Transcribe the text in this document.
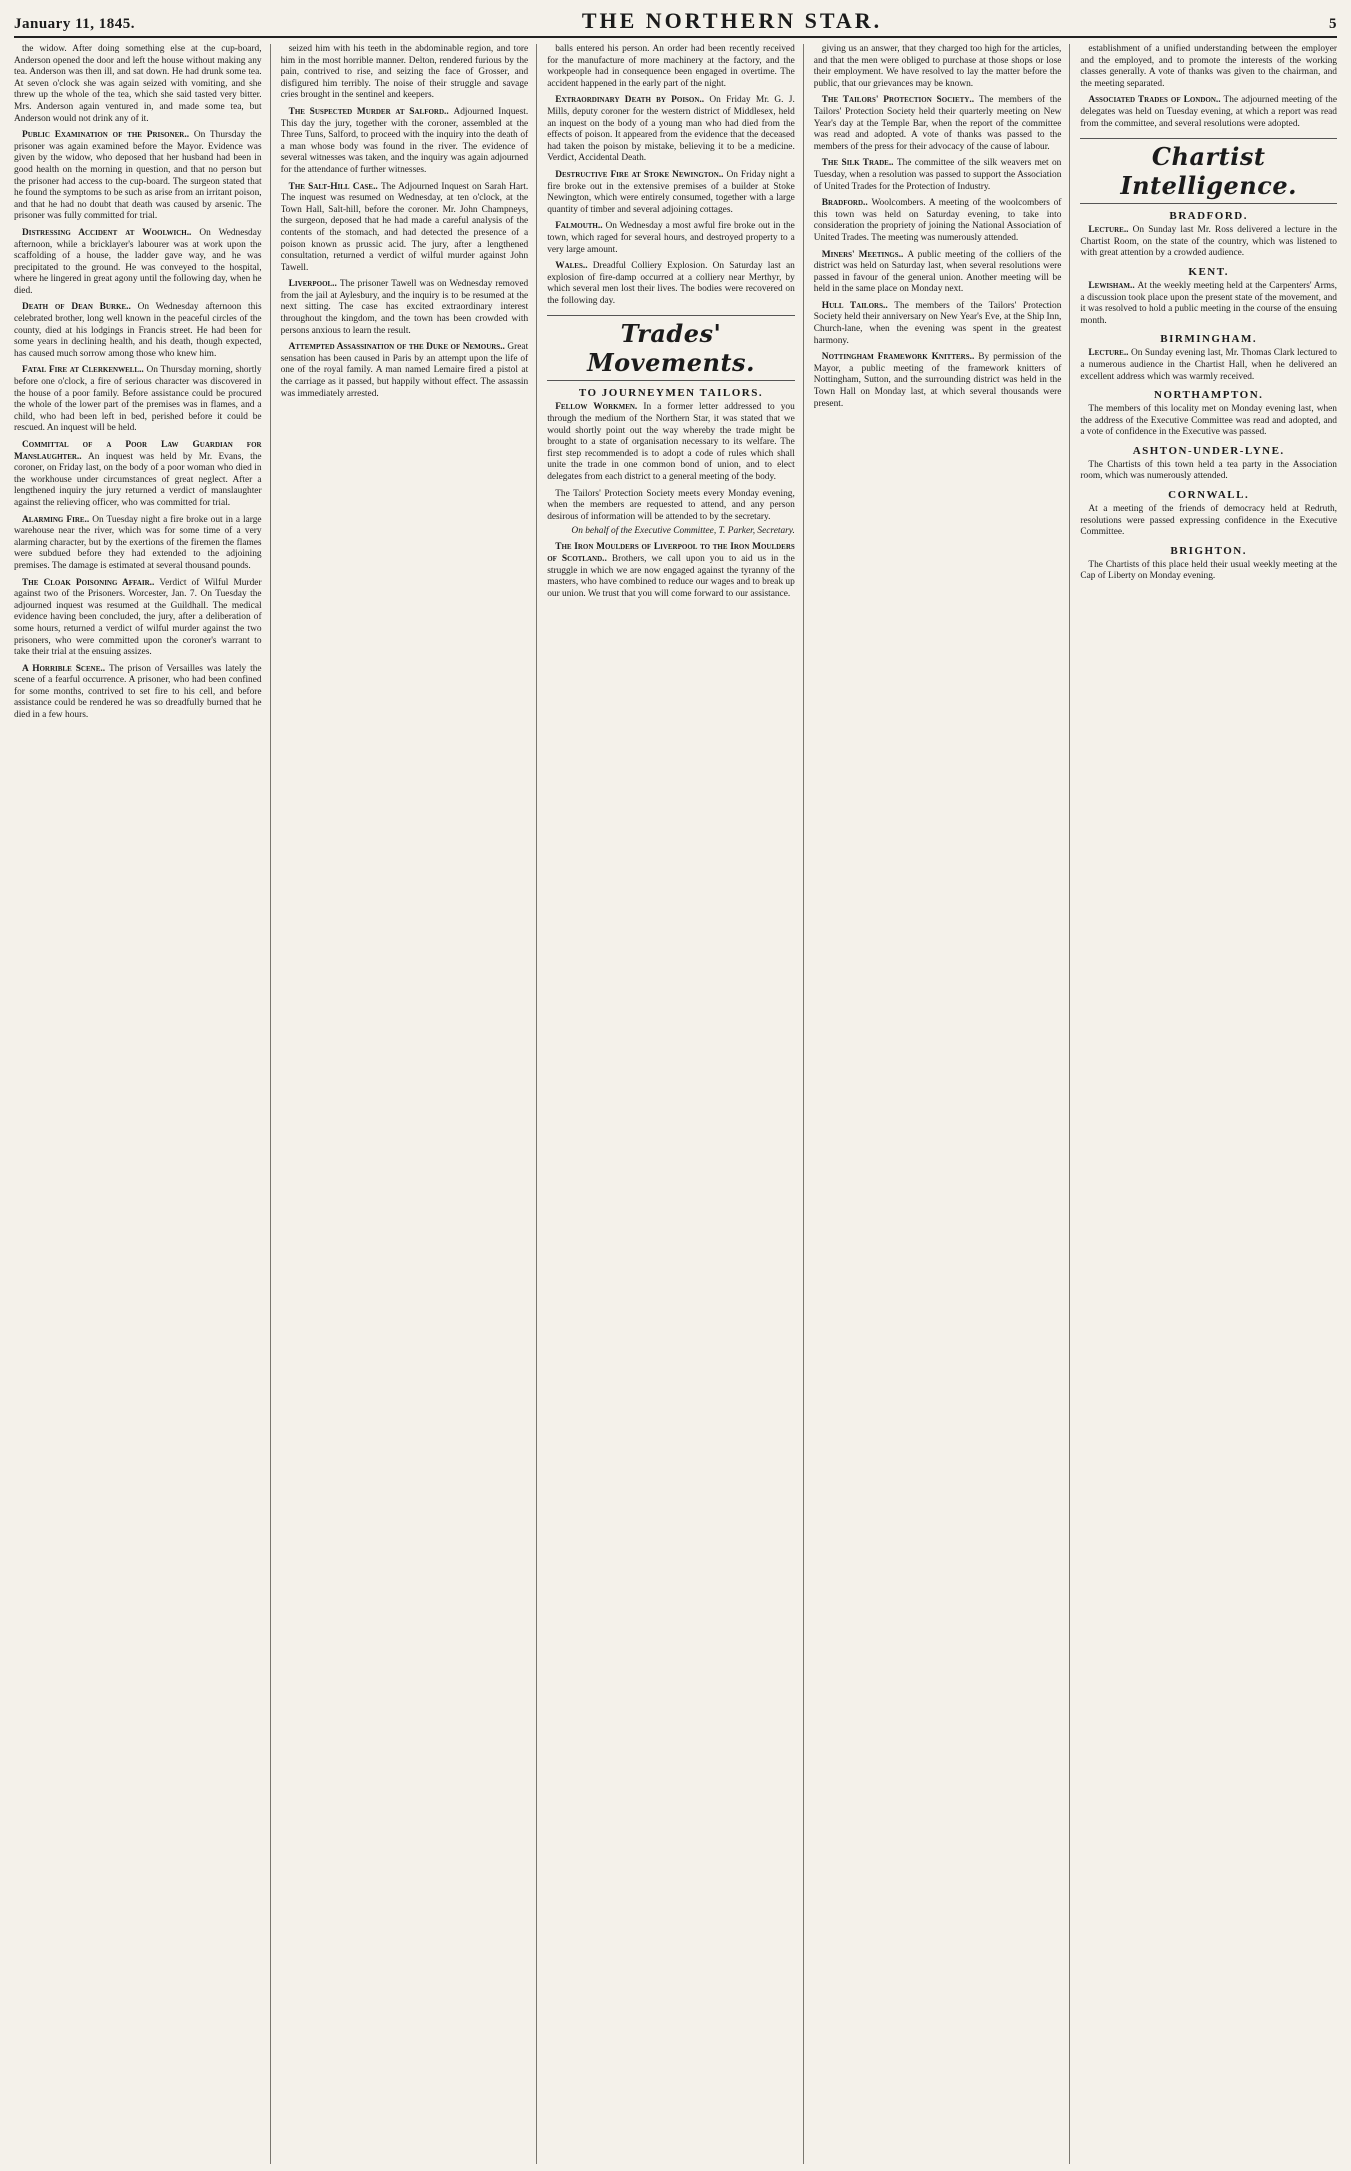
January 11, 1845.	THE NORTHERN STAR.	5

the widow. After doing something else at the cup-board, Anderson opened the door and left the house without making any tea. Anderson was then ill, and sat down. He had drunk some tea. At seven o'clock she was again seized with vomiting, and she threw up the whole of the tea, which she said tasted very bitter. Mrs. Anderson again ventured in, and made some tea, but Anderson would not drink any of it.

Public Examination of the Prisoner.. On Thursday the prisoner was again examined before the Mayor. Evidence was given by the widow, who deposed that her husband had been in good health on the morning in question, and that no person but the prisoner had access to the cup-board. The surgeon stated that he found the symptoms to be such as arise from an irritant poison, and that he had no doubt that death was caused by arsenic. The prisoner was fully committed for trial.

Distressing Accident at Woolwich.. On Wednesday afternoon, while a bricklayer's labourer was at work upon the scaffolding of a house, the ladder gave way, and he was precipitated to the ground. He was conveyed to the hospital, where he lingered in great agony until the following day, when he died.

Death of Dean Burke.. On Wednesday afternoon this celebrated brother, long well known in the peaceful circles of the county, died at his lodgings in Francis street. He had been for some years in declining health, and his death, though expected, has caused much sorrow among those who knew him.

Fatal Fire at Clerkenwell.. On Thursday morning, shortly before one o'clock, a fire of serious character was discovered in the house of a poor family. Before assistance could be procured the whole of the lower part of the premises was in flames, and a child, who had been left in bed, perished before it could be rescued. An inquest will be held.

Committal of a Poor Law Guardian for Manslaughter.. An inquest was held by Mr. Evans, the coroner, on Friday last, on the body of a poor woman who died in the workhouse under circumstances of great neglect. After a lengthened inquiry the jury returned a verdict of manslaughter against the relieving officer, who was committed for trial.

Alarming Fire.. On Tuesday night a fire broke out in a large warehouse near the river, which was for some time of a very alarming character, but by the exertions of the firemen the flames were subdued before they had extended to the adjoining premises. The damage is estimated at several thousand pounds.

The Cloak Poisoning Affair.. Verdict of Wilful Murder against two of the Prisoners. Worcester, Jan. 7. On Tuesday the adjourned inquest was resumed at the Guildhall. The medical evidence having been concluded, the jury, after a deliberation of some hours, returned a verdict of wilful murder against the two prisoners, who were committed upon the coroner's warrant to take their trial at the ensuing assizes.

A Horrible Scene.. The prison of Versailles was lately the scene of a fearful occurrence. A prisoner, who had been confined for some months, contrived to set fire to his cell, and before assistance could be rendered he was so dreadfully burned that he died in a few hours.

seized him with his teeth in the abdominable region, and tore him in the most horrible manner. Delton, rendered furious by the pain, contrived to rise, and seizing the face of Grosser, and disfigured him terribly. The noise of their struggle and savage cries brought in the sentinel and keepers.

The Suspected Murder at Salford.. Adjourned Inquest. This day the jury, together with the coroner, assembled at the Three Tuns, Salford, to proceed with the inquiry into the death of a man whose body was found in the river. The evidence of several witnesses was taken, and the inquiry was again adjourned for the attendance of further witnesses.

The Salt-Hill Case.. The Adjourned Inquest on Sarah Hart. The inquest was resumed on Wednesday, at ten o'clock, at the Town Hall, Salt-hill, before the coroner. Mr. John Champneys, the surgeon, deposed that he had made a careful analysis of the contents of the stomach, and had detected the presence of a poison known as prussic acid. The jury, after a lengthened consultation, returned a verdict of wilful murder against John Tawell.

Liverpool.. The prisoner Tawell was on Wednesday removed from the jail at Aylesbury, and the inquiry is to be resumed at the next sitting. The case has excited extraordinary interest throughout the kingdom, and the town has been crowded with persons anxious to learn the result.

Attempted Assassination of the Duke of Nemours.. Great sensation has been caused in Paris by an attempt upon the life of one of the royal family. A man named Lemaire fired a pistol at the carriage as it passed, but happily without effect. The assassin was immediately arrested.

balls entered his person. An order had been recently received for the manufacture of more machinery at the factory, and the workpeople had in consequence been engaged in overtime. The accident happened in the early part of the night.

Extraordinary Death by Poison.. On Friday Mr. G. J. Mills, deputy coroner for the western district of Middlesex, held an inquest on the body of a young man who had died from the effects of poison. It appeared from the evidence that the deceased had taken the poison by mistake, believing it to be a medicine. Verdict, Accidental Death.

Destructive Fire at Stoke Newington.. On Friday night a fire broke out in the extensive premises of a builder at Stoke Newington, which were entirely consumed, together with a large quantity of timber and several adjoining cottages.

Falmouth.. On Wednesday a most awful fire broke out in the town, which raged for several hours, and destroyed property to a very large amount.

Wales.. Dreadful Colliery Explosion. On Saturday last an explosion of fire-damp occurred at a colliery near Merthyr, by which several men lost their lives. The bodies were recovered on the following day.

Trades' Movements.
TO JOURNEYMEN TAILORS.

Fellow Workmen. In a former letter addressed to you through the medium of the Northern Star, it was stated that we would shortly point out the way whereby the trade might be brought to a state of organisation necessary to its welfare. The first step recommended is to adopt a code of rules which shall unite the trade in one common bond of union, and to elect delegates from each district to a general meeting of the body.

The Tailors' Protection Society meets every Monday evening, when the members are requested to attend, and any person desirous of information will be attended to by the secretary.

On behalf of the Executive Committee, T. Parker, Secretary.

The Iron Moulders of Liverpool to the Iron Moulders of Scotland.. Brothers, we call upon you to aid us in the struggle in which we are now engaged against the tyranny of the masters, who have combined to reduce our wages and to break up our union. We trust that you will come forward to our assistance.

giving us an answer, that they charged too high for the articles, and that the men were obliged to purchase at those shops or lose their employment. We have resolved to lay the matter before the public, that our grievances may be known.

The Tailors' Protection Society.. The members of the Tailors' Protection Society held their quarterly meeting on New Year's day at the Temple Bar, when the report of the committee was read and adopted. A vote of thanks was passed to the members of the press for their advocacy of the cause of labour.

The Silk Trade.. The committee of the silk weavers met on Tuesday, when a resolution was passed to support the Association of United Trades for the Protection of Industry.

Bradford.. Woolcombers. A meeting of the woolcombers of this town was held on Saturday evening, to take into consideration the propriety of joining the National Association of United Trades. The meeting was numerously attended.

Miners' Meetings.. A public meeting of the colliers of the district was held on Saturday last, when several resolutions were passed in favour of the general union. Another meeting will be held in the same place on Monday next.

Hull Tailors.. The members of the Tailors' Protection Society held their anniversary on New Year's Eve, at the Ship Inn, Church-lane, when the evening was spent in the greatest harmony.

Nottingham Framework Knitters.. By permission of the Mayor, a public meeting of the framework knitters of Nottingham, Sutton, and the surrounding district was held in the Town Hall on Monday last, at which several thousands were present.

establishment of a unified understanding between the employer and the employed, and to promote the interests of the working classes generally. A vote of thanks was given to the chairman, and the meeting separated.

Associated Trades of London.. The adjourned meeting of the delegates was held on Tuesday evening, at which a report was read from the committee, and several resolutions were adopted.

Chartist Intelligence.
BRADFORD.

Lecture.. On Sunday last Mr. Ross delivered a lecture in the Chartist Room, on the state of the country, which was listened to with great attention by a crowded audience.

KENT.

Lewisham.. At the weekly meeting held at the Carpenters' Arms, a discussion took place upon the present state of the movement, and it was resolved to hold a public meeting in the course of the ensuing month.

BIRMINGHAM.

Lecture.. On Sunday evening last, Mr. Thomas Clark lectured to a numerous audience in the Chartist Hall, when he delivered an excellent address which was warmly received.

NORTHAMPTON.

The members of this locality met on Monday evening last, when the address of the Executive Committee was read and adopted, and a vote of confidence in the Executive was passed.

ASHTON-UNDER-LYNE.

The Chartists of this town held a tea party in the Association room, which was numerously attended.

CORNWALL.

At a meeting of the friends of democracy held at Redruth, resolutions were passed expressing confidence in the Executive Committee.

BRIGHTON.

The Chartists of this place held their usual weekly meeting at the Cap of Liberty on Monday evening.
